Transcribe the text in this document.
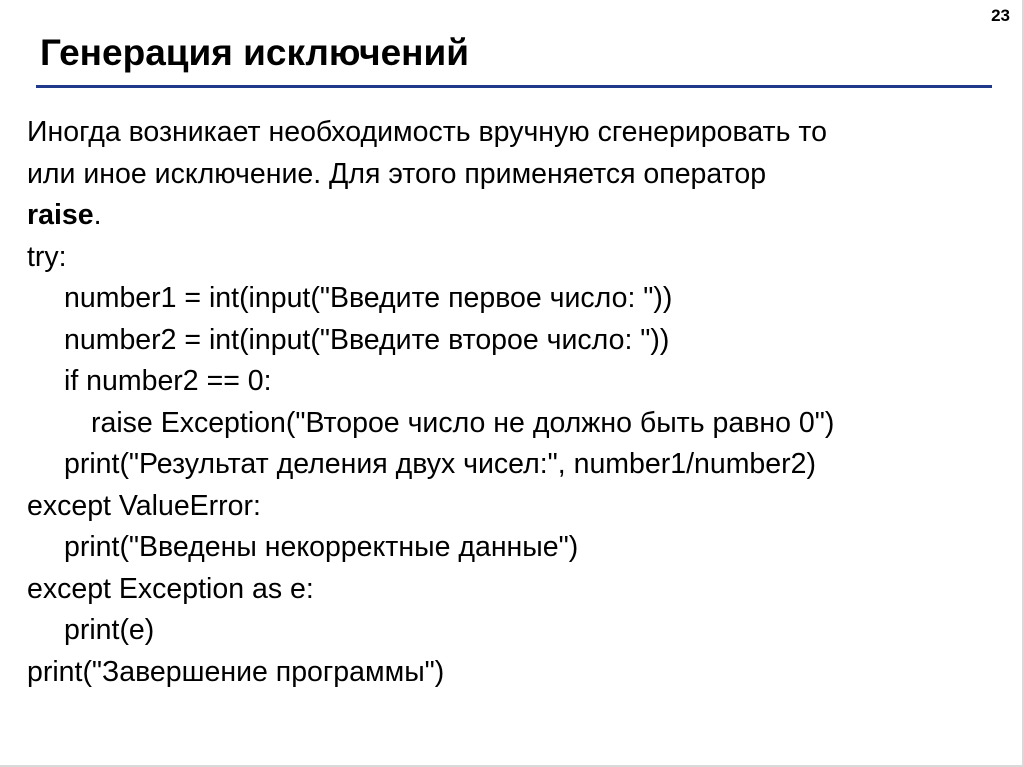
23
Генерация исключений
Иногда возникает необходимость вручную сгенерировать то
или иное исключение. Для этого применяется оператор
raise.
try:
number1 = int(input("Введите первое число: "))
number2 = int(input("Введите второе число: "))
if number2 == 0:
raise Exception("Второе число не должно быть равно 0")
print("Результат деления двух чисел:", number1/number2)
except ValueError:
print("Введены некорректные данные")
except Exception as e:
print(e)
print("Завершение программы")
